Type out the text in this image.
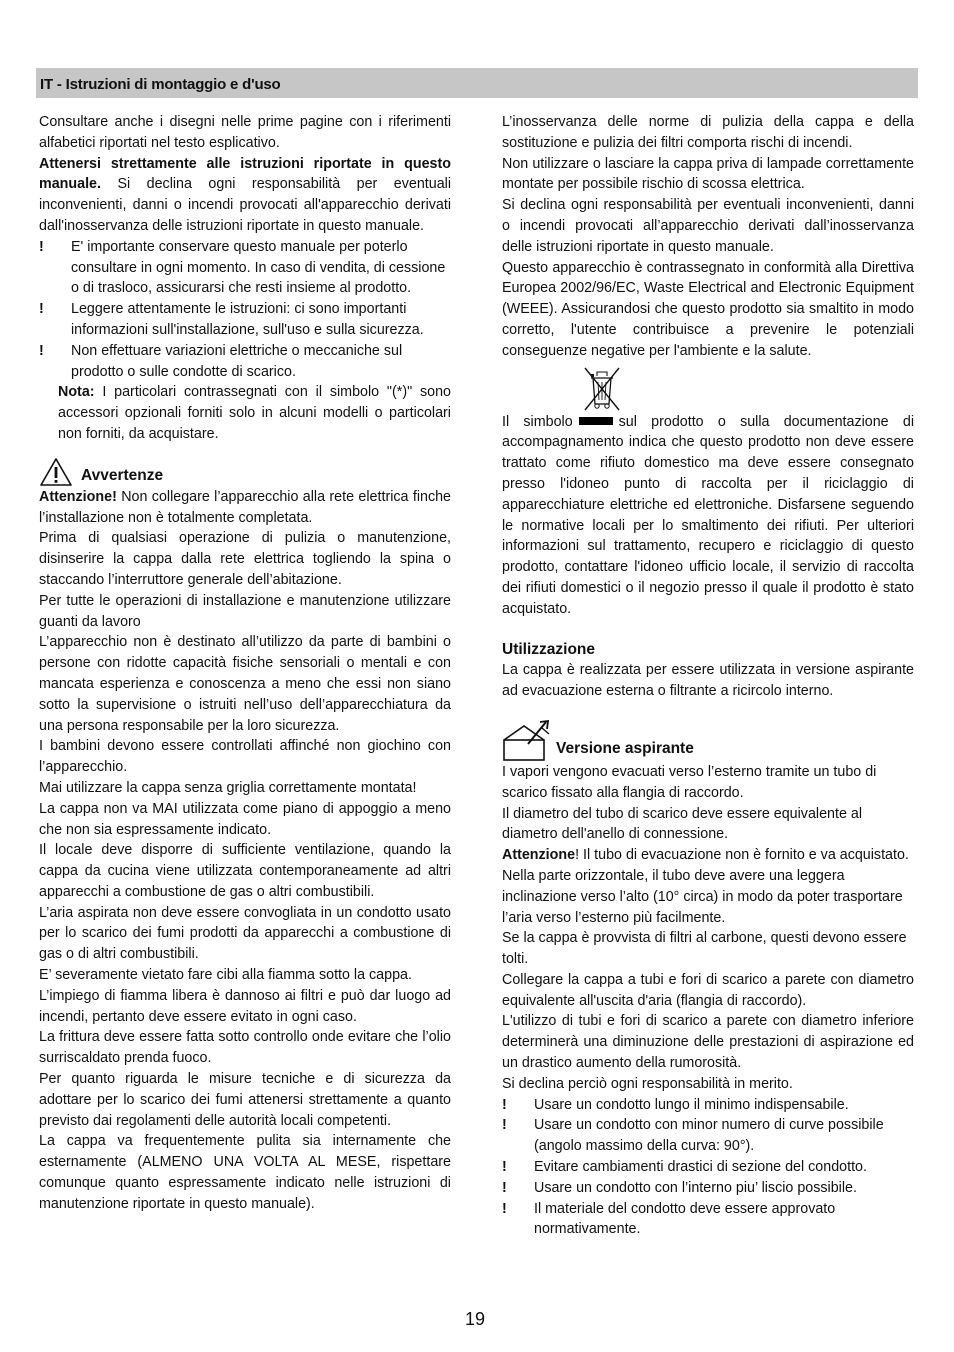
IT - Istruzioni di montaggio e d'uso

Consultare anche i disegni nelle prime pagine con i riferimenti alfabetici riportati nel testo esplicativo.

Attenersi strettamente alle istruzioni riportate in questo manuale. Si declina ogni responsabilità per eventuali inconvenienti, danni o incendi provocati all'apparecchio derivati dall'inosservanza delle istruzioni riportate in questo manuale.

! E' importante conservare questo manuale per poterlo consultare in ogni momento. In caso di vendita, di cessione o di trasloco, assicurarsi che resti insieme al prodotto.
! Leggere attentamente le istruzioni: ci sono importanti informazioni sull'installazione, sull'uso e sulla sicurezza.
! Non effettuare variazioni elettriche o meccaniche sul prodotto o sulle condotte di scarico.

Nota: I particolari contrassegnati con il simbolo "(*)" sono accessori opzionali forniti solo in alcuni modelli o particolari non forniti, da acquistare.

Avvertenze

Attenzione! Non collegare l’apparecchio alla rete elettrica finche l’installazione non è totalmente completata.

Prima di qualsiasi operazione di pulizia o manutenzione, disinserire la cappa dalla rete elettrica togliendo la spina o staccando l’interruttore generale dell’abitazione.

Per tutte le operazioni di installazione e manutenzione utilizzare guanti da lavoro

L’apparecchio non è destinato all’utilizzo da parte di bambini o persone con ridotte capacità fisiche sensoriali o mentali e con mancata esperienza e conoscenza a meno che essi non siano sotto la supervisione o istruiti nell’uso dell’apparecchiatura da una persona responsabile per la loro sicurezza.

I bambini devono essere controllati affinché non giochino con l’apparecchio.

Mai utilizzare la cappa senza griglia correttamente montata!

La cappa non va MAI utilizzata come piano di appoggio a meno che non sia espressamente indicato.

Il locale deve disporre di sufficiente ventilazione, quando la cappa da cucina viene utilizzata contemporaneamente ad altri apparecchi a combustione de gas o altri combustibili.

L’aria aspirata non deve essere convogliata in un condotto usato per lo scarico dei fumi prodotti da apparecchi a combustione di gas o di altri combustibili.

E’ severamente vietato fare cibi alla fiamma sotto la cappa.

L’impiego di fiamma libera è dannoso ai filtri e può dar luogo ad incendi, pertanto deve essere evitato in ogni caso.

La frittura deve essere fatta sotto controllo onde evitare che l’olio surriscaldato prenda fuoco.

Per quanto riguarda le misure tecniche e di sicurezza da adottare per lo scarico dei fumi attenersi strettamente a quanto previsto dai regolamenti delle autorità locali competenti.

La cappa va frequentemente pulita sia internamente che esternamente (ALMENO UNA VOLTA AL MESE, rispettare comunque quanto espressamente indicato nelle istruzioni di manutenzione riportate in questo manuale).

L’inosservanza delle norme di pulizia della cappa e della sostituzione e pulizia dei filtri comporta rischi di incendi.

Non utilizzare o lasciare la cappa priva di lampade correttamente montate per possibile rischio di scossa elettrica.

Si declina ogni responsabilità per eventuali inconvenienti, danni o incendi provocati all’apparecchio derivati dall’inosservanza delle istruzioni riportate in questo manuale.

Questo apparecchio è contrassegnato in conformità alla Direttiva Europea 2002/96/EC, Waste Electrical and Electronic Equipment (WEEE). Assicurandosi che questo prodotto sia smaltito in modo corretto, l'utente contribuisce a prevenire le potenziali conseguenze negative per l'ambiente e la salute.

Il simbolo	sul prodotto o sulla documentazione di accompagnamento indica che questo prodotto non deve essere trattato come rifiuto domestico ma deve essere consegnato presso l'idoneo punto di raccolta per il riciclaggio di apparecchiature elettriche ed elettroniche. Disfarsene seguendo le normative locali per lo smaltimento dei rifiuti. Per ulteriori informazioni sul trattamento, recupero e riciclaggio di questo prodotto, contattare l'idoneo ufficio locale, il servizio di raccolta dei rifiuti domestici o il negozio presso il quale il prodotto è stato acquistato.

Utilizzazione

La cappa è realizzata per essere utilizzata in versione aspirante ad evacuazione esterna o filtrante a ricircolo interno.

Versione aspirante

I vapori vengono evacuati verso l’esterno tramite un tubo di scarico fissato alla flangia di raccordo.

Il diametro del tubo di scarico deve essere equivalente al diametro dell'anello di connessione.

Attenzione! Il tubo di evacuazione non è fornito e va acquistato.

Nella parte orizzontale, il tubo deve avere una leggera inclinazione verso l’alto (10° circa) in modo da poter trasportare l’aria verso l’esterno più facilmente.

Se la cappa è provvista di filtri al carbone, questi devono essere tolti.

Collegare la cappa a tubi e fori di scarico a parete con diametro equivalente all'uscita d'aria (flangia di raccordo).

L'utilizzo di tubi e fori di scarico a parete con diametro inferiore determinerà una diminuzione delle prestazioni di aspirazione ed un drastico aumento della rumorosità.

Si declina perciò ogni responsabilità in merito.

! Usare un condotto lungo il minimo indispensabile.
! Usare un condotto con minor numero di curve possibile (angolo massimo della curva: 90°).
! Evitare cambiamenti drastici di sezione del condotto.
! Usare un condotto con l’interno piu’ liscio possibile.
! Il materiale del condotto deve essere approvato normativamente.
19
